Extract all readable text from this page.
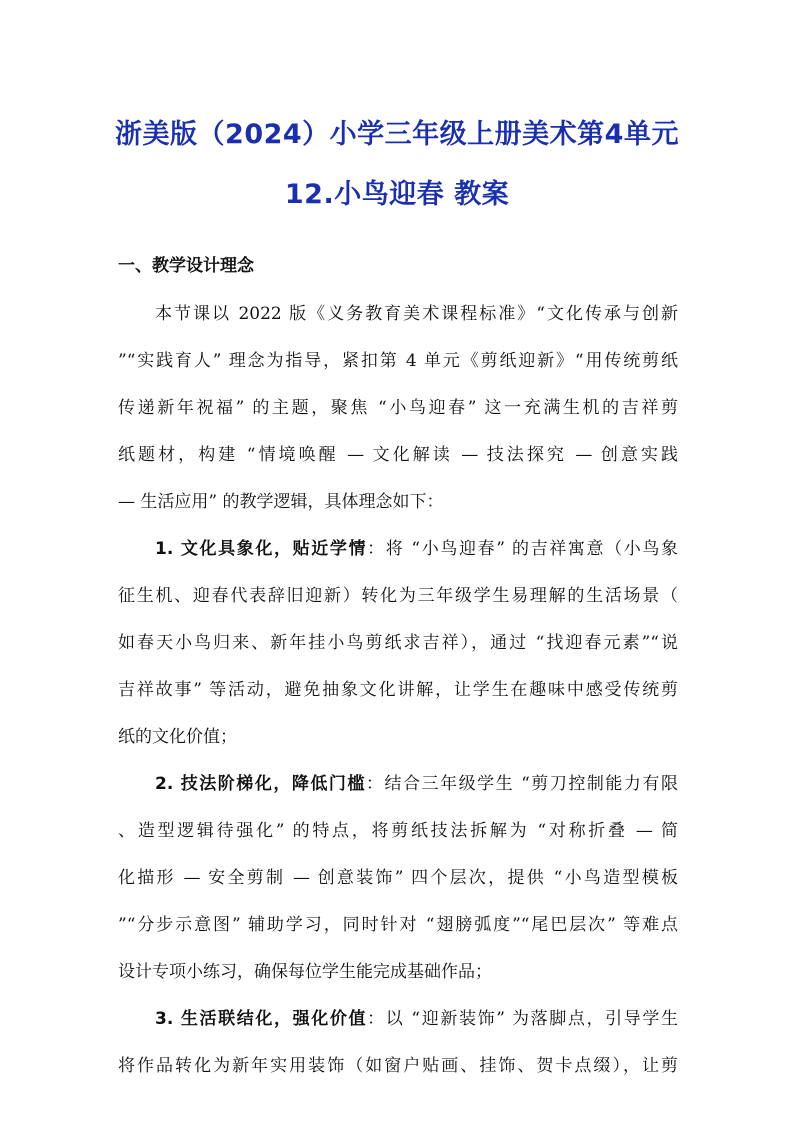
浙美版（2024）小学三年级上册美术第4单元
12.小鸟迎春 教案
一、教学设计理念
本节课以 2022 版《义务教育美术课程标准》“文化传承与创新
”“实践育人” 理念为指导，紧扣第 4 单元《剪纸迎新》“用传统剪纸
传递新年祝福” 的主题，聚焦 “小鸟迎春” 这一充满生机的吉祥剪
纸题材，构建 “情境唤醒 — 文化解读 — 技法探究 — 创意实践
— 生活应用” 的教学逻辑，具体理念如下：
1. 文化具象化，贴近学情：将 “小鸟迎春” 的吉祥寓意（小鸟象
征生机、迎春代表辞旧迎新）转化为三年级学生易理解的生活场景（
如春天小鸟归来、新年挂小鸟剪纸求吉祥），通过 “找迎春元素”“说
吉祥故事” 等活动，避免抽象文化讲解，让学生在趣味中感受传统剪
纸的文化价值；
2. 技法阶梯化，降低门槛：结合三年级学生 “剪刀控制能力有限
、造型逻辑待强化” 的特点，将剪纸技法拆解为 “对称折叠 — 简
化描形 — 安全剪制 — 创意装饰” 四个层次，提供 “小鸟造型模板
”“分步示意图” 辅助学习，同时针对 “翅膀弧度”“尾巴层次” 等难点
设计专项小练习，确保每位学生能完成基础作品；
3. 生活联结化，强化价值：以 “迎新装饰” 为落脚点，引导学生
将作品转化为新年实用装饰（如窗户贴画、挂饰、贺卡点缀），让剪
